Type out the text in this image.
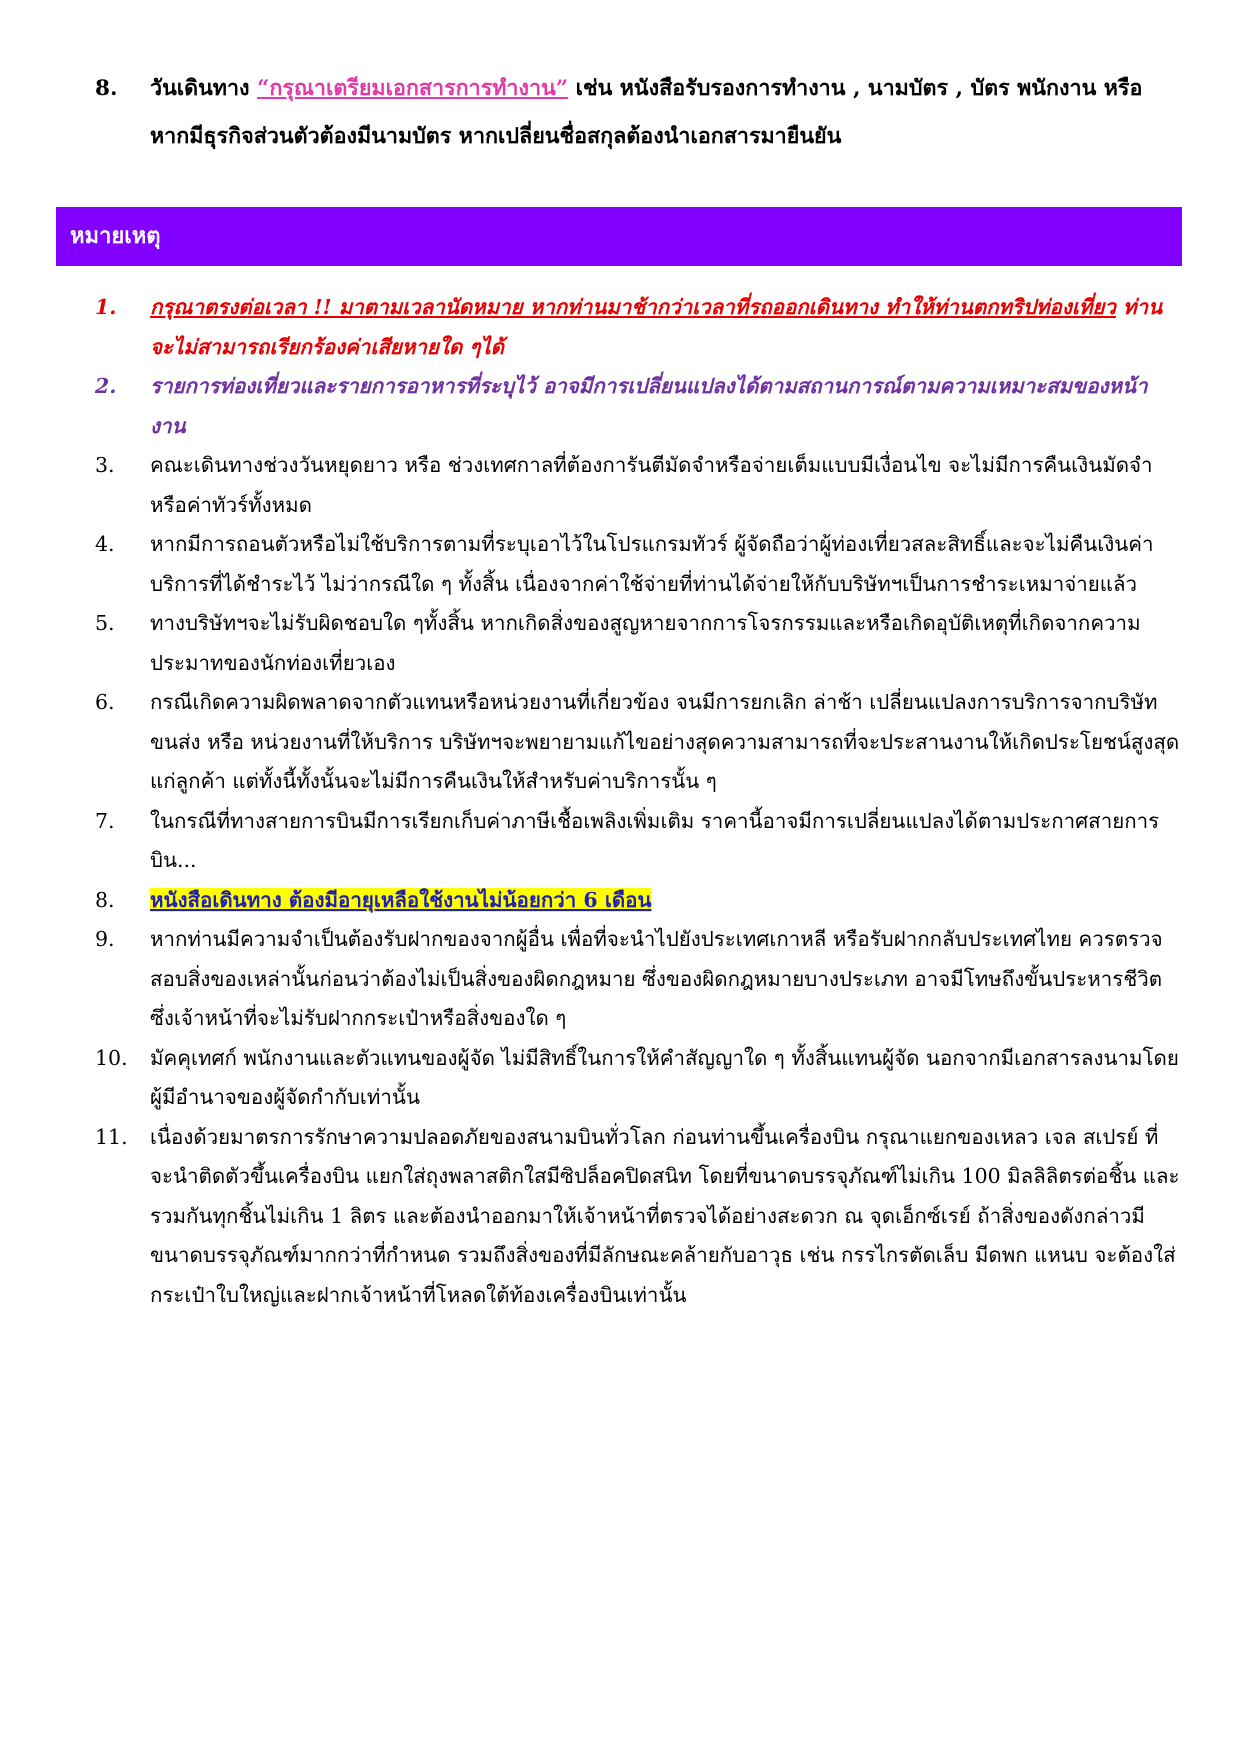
8.	วันเดินทาง “กรุณาเตรียมเอกสารการทำงาน” เช่น หนังสือรับรองการทำงาน , นามบัตร , บัตร พนักงาน หรือหากมีธุรกิจส่วนตัวต้องมีนามบัตร หากเปลี่ยนชื่อสกุลต้องนำเอกสารมายืนยัน
หมายเหตุ
1.	กรุณาตรงต่อเวลา !! มาตามเวลานัดหมาย หากท่านมาช้ากว่าเวลาที่รถออกเดินทาง ทำให้ท่านตกทริปท่องเที่ยว ท่านจะไม่สามารถเรียกร้องค่าเสียหายใด ๆได้
2.	รายการท่องเที่ยวและรายการอาหารที่ระบุไว้ อาจมีการเปลี่ยนแปลงได้ตามสถานการณ์ตามความเหมาะสมของหน้างาน
3.	คณะเดินทางช่วงวันหยุดยาว หรือ ช่วงเทศกาลที่ต้องการันตีมัดจำหรือจ่ายเต็มแบบมีเงื่อนไข จะไม่มีการคืนเงินมัดจำหรือค่าทัวร์ทั้งหมด
4.	หากมีการถอนตัวหรือไม่ใช้บริการตามที่ระบุเอาไว้ในโปรแกรมทัวร์ ผู้จัดถือว่าผู้ท่องเที่ยวสละสิทธิ์และจะไม่คืนเงินค่าบริการที่ได้ชำระไว้ ไม่ว่ากรณีใด ๆ ทั้งสิ้น เนื่องจากค่าใช้จ่ายที่ท่านได้จ่ายให้กับบริษัทฯเป็นการชำระเหมาจ่ายแล้ว
5.	ทางบริษัทฯจะไม่รับผิดชอบใด ๆทั้งสิ้น หากเกิดสิ่งของสูญหายจากการโจรกรรมและหรือเกิดอุบัติเหตุที่เกิดจากความประมาทของนักท่องเที่ยวเอง
6.	กรณีเกิดความผิดพลาดจากตัวแทนหรือหน่วยงานที่เกี่ยวข้อง จนมีการยกเลิก ล่าช้า เปลี่ยนแปลงการบริการจากบริษัทขนส่ง หรือ หน่วยงานที่ให้บริการ บริษัทฯจะพยายามแก้ไขอย่างสุดความสามารถที่จะประสานงานให้เกิดประโยชน์สูงสุดแก่ลูกค้า แต่ทั้งนี้ทั้งนั้นจะไม่มีการคืนเงินให้สำหรับค่าบริการนั้น ๆ
7.	ในกรณีที่ทางสายการบินมีการเรียกเก็บค่าภาษีเชื้อเพลิงเพิ่มเติม ราคานี้อาจมีการเปลี่ยนแปลงได้ตามประกาศสายการบิน...
8.	หนังสือเดินทาง ต้องมีอายุเหลือใช้งานไม่น้อยกว่า 6 เดือน
9.	หากท่านมีความจำเป็นต้องรับฝากของจากผู้อื่น เพื่อที่จะนำไปยังประเทศเกาหลี หรือรับฝากกลับประเทศไทย ควรตรวจสอบสิ่งของเหล่านั้นก่อนว่าต้องไม่เป็นสิ่งของผิดกฎหมาย ซึ่งของผิดกฎหมายบางประเภท อาจมีโทษถึงขั้นประหารชีวิต ซึ่งเจ้าหน้าที่จะไม่รับฝากกระเป๋าหรือสิ่งของใด ๆ
10.	มัคคุเทศก์ พนักงานและตัวแทนของผู้จัด ไม่มีสิทธิ์ในการให้คำสัญญาใด ๆ ทั้งสิ้นแทนผู้จัด นอกจากมีเอกสารลงนามโดยผู้มีอำนาจของผู้จัดกำกับเท่านั้น
11.	เนื่องด้วยมาตรการรักษาความปลอดภัยของสนามบินทั่วโลก ก่อนท่านขึ้นเครื่องบิน กรุณาแยกของเหลว เจล สเปรย์ ที่จะนำติดตัวขึ้นเครื่องบิน แยกใส่ถุงพลาสติกใสมีซิปล็อคปิดสนิท โดยที่ขนาดบรรจุภัณฑ์ไม่เกิน 100 มิลลิลิตรต่อชิ้น และรวมกันทุกชิ้นไม่เกิน 1 ลิตร และต้องนำออกมาให้เจ้าหน้าที่ตรวจได้อย่างสะดวก ณ จุดเอ็กซ์เรย์ ถ้าสิ่งของดังกล่าวมีขนาดบรรจุภัณฑ์มากกว่าที่กำหนด รวมถึงสิ่งของที่มีลักษณะคล้ายกับอาวุธ เช่น กรรไกรตัดเล็บ มีดพก แหนบ จะต้องใส่กระเป๋าใบใหญ่และฝากเจ้าหน้าที่โหลดใต้ท้องเครื่องบินเท่านั้น
